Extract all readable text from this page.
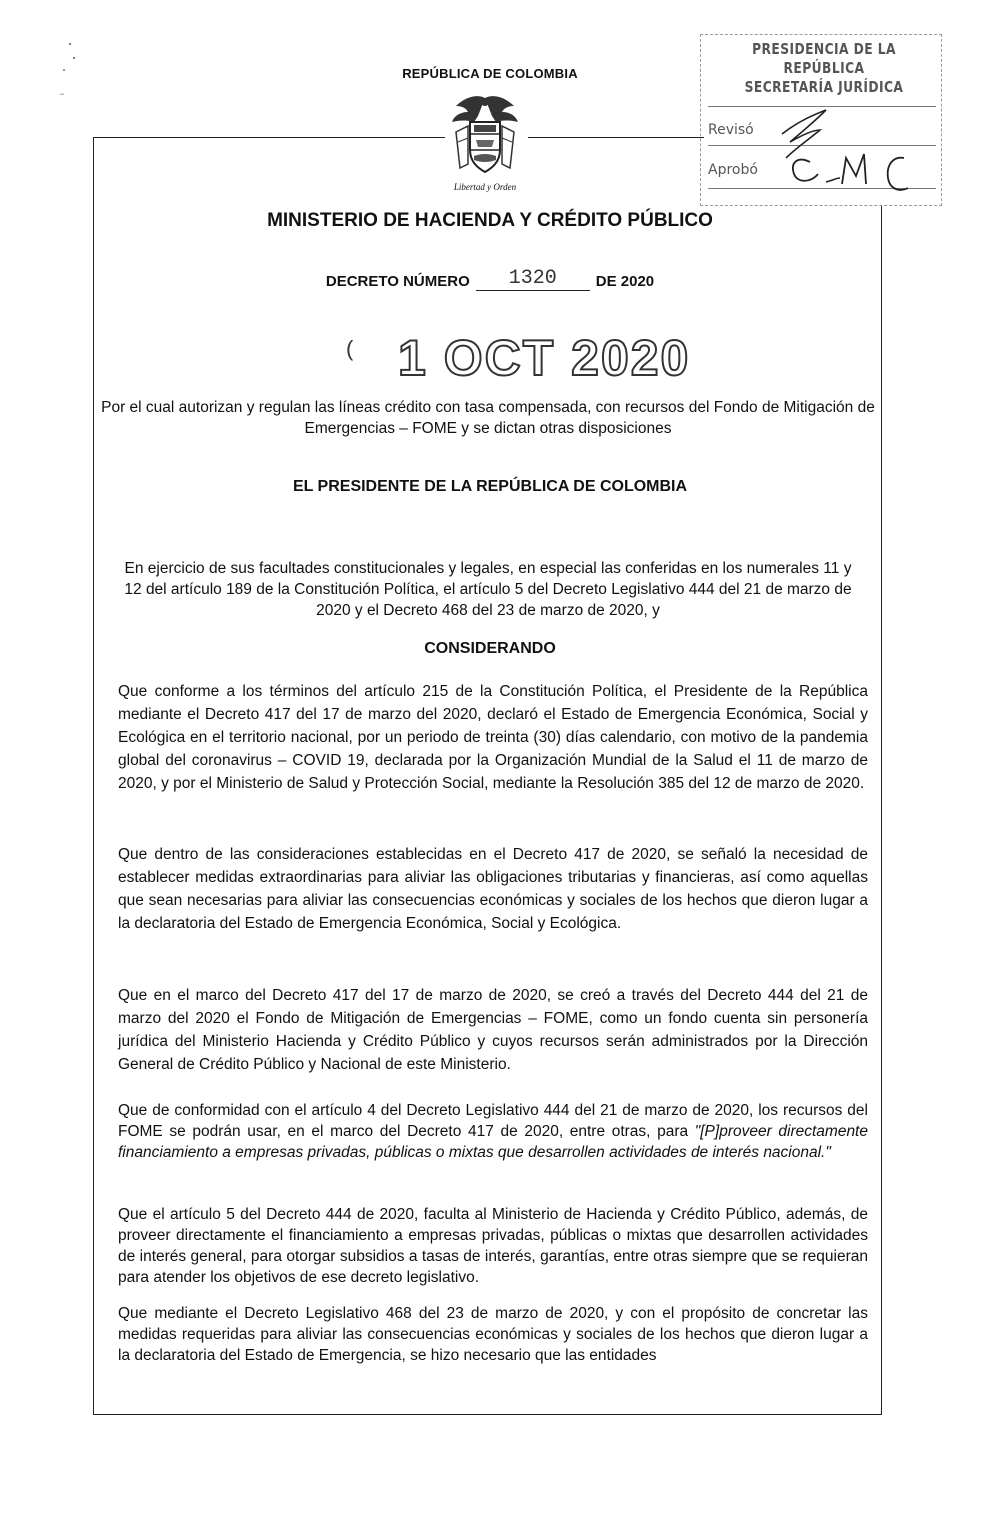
REPÚBLICA DE COLOMBIA
Libertad y Orden
MINISTERIO DE HACIENDA Y CRÉDITO PÚBLICO
DECRETO NÚMERO 1320	DE 2020
( 1 OCT 2020
PRESIDENCIA DE LA REPÚBLICA
SECRETARÍA JURÍDICA
Revisó
Aprobó
Por el cual autorizan y regulan las líneas crédito con tasa compensada, con recursos del Fondo de Mitigación de Emergencias – FOME y se dictan otras disposiciones
EL PRESIDENTE DE LA REPÚBLICA DE COLOMBIA
En ejercicio de sus facultades constitucionales y legales, en especial las conferidas en los numerales 11 y 12 del artículo 189 de la Constitución Política, el artículo 5 del Decreto Legislativo 444 del 21 de marzo de 2020 y el Decreto 468 del 23 de marzo de 2020, y
CONSIDERANDO
Que conforme a los términos del artículo 215 de la Constitución Política, el Presidente de la República mediante el Decreto 417 del 17 de marzo del 2020, declaró el Estado de Emergencia Económica, Social y Ecológica en el territorio nacional, por un periodo de treinta (30) días calendario, con motivo de la pandemia global del coronavirus – COVID 19, declarada por la Organización Mundial de la Salud el 11 de marzo de 2020, y por el Ministerio de Salud y Protección Social, mediante la Resolución 385 del 12 de marzo de 2020.
Que dentro de las consideraciones establecidas en el Decreto 417 de 2020, se señaló la necesidad de establecer medidas extraordinarias para aliviar las obligaciones tributarias y financieras, así como aquellas que sean necesarias para aliviar las consecuencias económicas y sociales de los hechos que dieron lugar a la declaratoria del Estado de Emergencia Económica, Social y Ecológica.
Que en el marco del Decreto 417 del 17 de marzo de 2020, se creó a través del Decreto 444 del 21 de marzo del 2020 el Fondo de Mitigación de Emergencias – FOME, como un fondo cuenta sin personería jurídica del Ministerio Hacienda y Crédito Público y cuyos recursos serán administrados por la Dirección General de Crédito Público y Nacional de este Ministerio.
Que de conformidad con el artículo 4 del Decreto Legislativo 444 del 21 de marzo de 2020, los recursos del FOME se podrán usar, en el marco del Decreto 417 de 2020, entre otras, para "[P]proveer directamente financiamiento a empresas privadas, públicas o mixtas que desarrollen actividades de interés nacional."
Que el artículo 5 del Decreto 444 de 2020, faculta al Ministerio de Hacienda y Crédito Público, además, de proveer directamente el financiamiento a empresas privadas, públicas o mixtas que desarrollen actividades de interés general, para otorgar subsidios a tasas de interés, garantías, entre otras siempre que se requieran para atender los objetivos de ese decreto legislativo.
Que mediante el Decreto Legislativo 468 del 23 de marzo de 2020, y con el propósito de concretar las medidas requeridas para aliviar las consecuencias económicas y sociales de los hechos que dieron lugar a la declaratoria del Estado de Emergencia, se hizo necesario que las entidades
